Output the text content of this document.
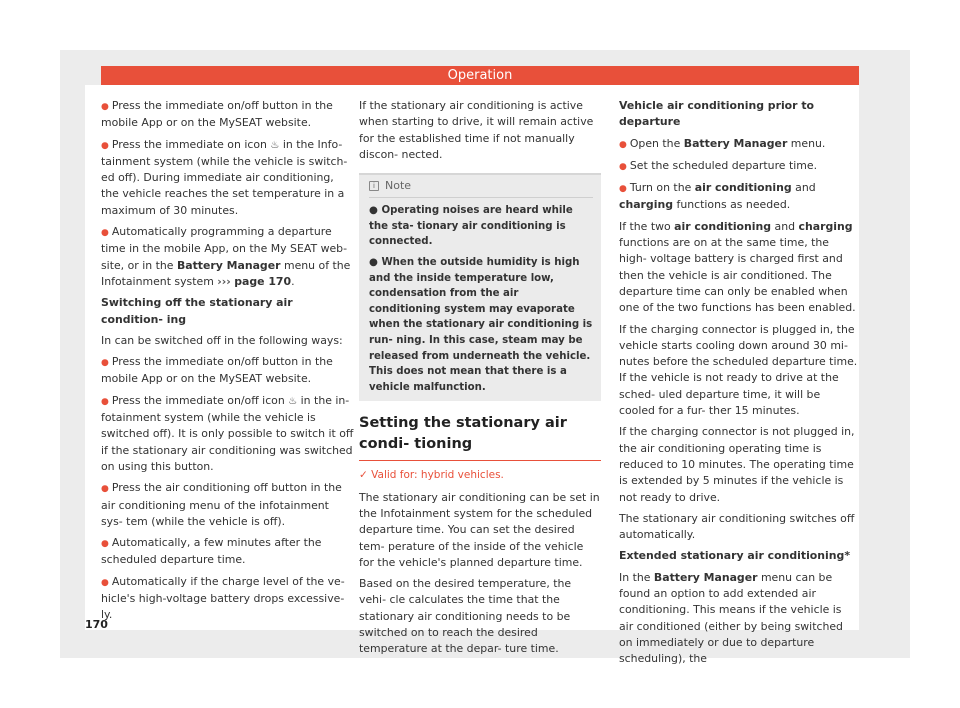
Operation

● Press the immediate on/off button in the mobile App or on the MySEAT website.

● Press the immediate on icon ♨ in the Info- tainment system (while the vehicle is switch- ed off). During immediate air conditioning, the vehicle reaches the set temperature in a maximum of 30 minutes.

● Automatically programming a departure time in the mobile App, on the My SEAT web- site, or in the Battery Manager menu of the Infotainment system ››› page 170.

Switching off the stationary air condition- ing

In can be switched off in the following ways:

● Press the immediate on/off button in the mobile App or on the MySEAT website.

● Press the immediate on/off icon ♨ in the in- fotainment system (while the vehicle is switched off). It is only possible to switch it off if the stationary air conditioning was switched on using this button.

● Press the air conditioning off button in the air conditioning menu of the infotainment sys- tem (while the vehicle is off).

● Automatically, a few minutes after the scheduled departure time.

● Automatically if the charge level of the ve- hicle's high-voltage battery drops excessive- ly.

If the stationary air conditioning is active when starting to drive, it will remain active for the established time if not manually discon- nected.

i Note
● Operating noises are heard while the sta- tionary air conditioning is connected.
● When the outside humidity is high and the inside temperature low, condensation from the air conditioning system may evaporate when the stationary air conditioning is run- ning. In this case, steam may be released from underneath the vehicle. This does not mean that there is a vehicle malfunction.
Setting the stationary air condi- tioning
✓ Valid for: hybrid vehicles.

The stationary air conditioning can be set in the Infotainment system for the scheduled departure time. You can set the desired tem- perature of the inside of the vehicle for the vehicle's planned departure time.

Based on the desired temperature, the vehi- cle calculates the time that the stationary air conditioning needs to be switched on to reach the desired temperature at the depar- ture time.

Vehicle air conditioning prior to departure

● Open the Battery Manager menu.

● Set the scheduled departure time.

● Turn on the air conditioning and charging functions as needed.

If the two air conditioning and charging functions are on at the same time, the high- voltage battery is charged first and then the vehicle is air conditioned. The departure time can only be enabled when one of the two functions has been enabled.

If the charging connector is plugged in, the vehicle starts cooling down around 30 mi- nutes before the scheduled departure time. If the vehicle is not ready to drive at the sched- uled departure time, it will be cooled for a fur- ther 15 minutes.

If the charging connector is not plugged in, the air conditioning operating time is reduced to 10 minutes. The operating time is extended by 5 minutes if the vehicle is not ready to drive.

The stationary air conditioning switches off automatically.

Extended stationary air conditioning*

In the Battery Manager menu can be found an option to add extended air conditioning. This means if the vehicle is air conditioned (either by being switched on immediately or due to departure scheduling), the

170
